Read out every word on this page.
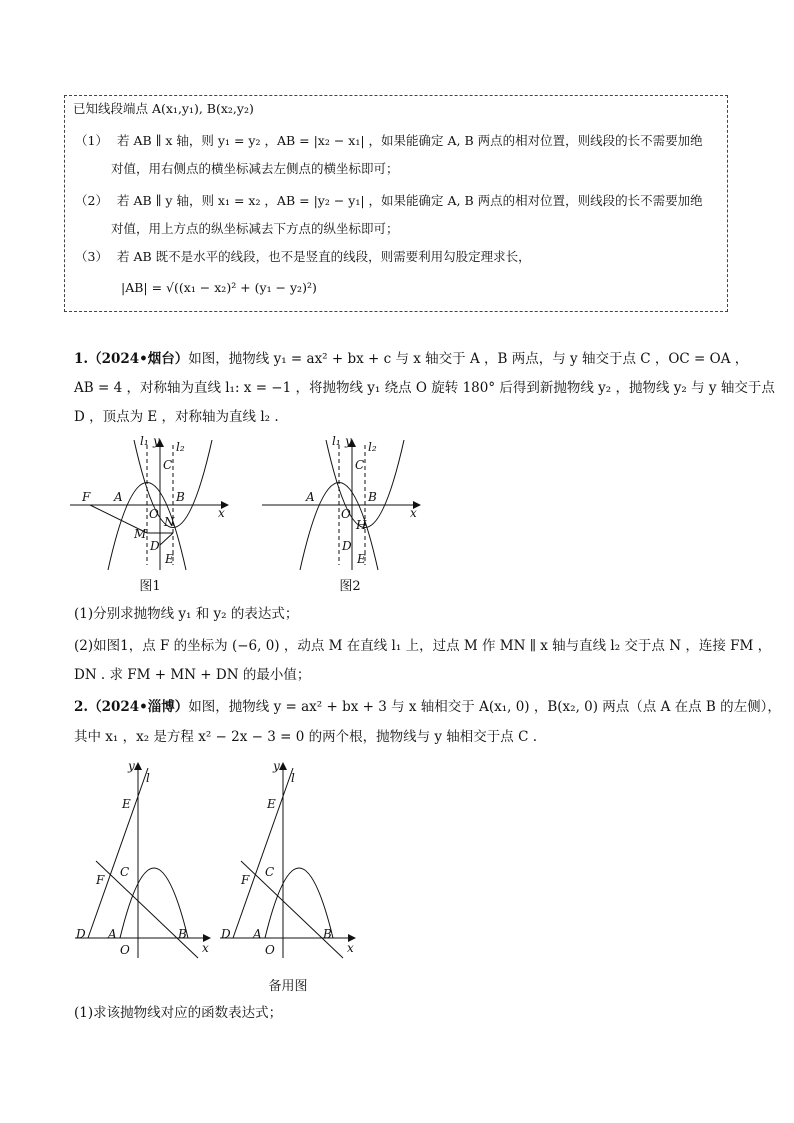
已知线段端点 A(x₁,y₁), B(x₂,y₂)
（1） 若 AB ∥ x 轴，则 y₁ = y₂ ，AB = |x₂ − x₁| ，如果能确定 A, B 两点的相对位置，则线段的长不需要加绝
对值，用右侧点的横坐标减去左侧点的横坐标即可；
（2） 若 AB ∥ y 轴，则 x₁ = x₂ ，AB = |y₂ − y₁| ，如果能确定 A, B 两点的相对位置，则线段的长不需要加绝
对值，用上方点的纵坐标减去下方点的纵坐标即可；
（3） 若 AB 既不是水平的线段，也不是竖直的线段，则需要利用勾股定理求长，
|AB| = √((x₁ − x₂)² + (y₁ − y₂)²)
1.（2024•烟台）如图，抛物线 y₁ = ax² + bx + c 与 x 轴交于 A ，B 两点，与 y 轴交于点 C ，OC = OA ，
AB = 4 ，对称轴为直线 l₁: x = −1 ，将抛物线 y₁ 绕点 O 旋转 180° 后得到新抛物线 y₂ ，抛物线 y₂ 与 y 轴交于点
D ，顶点为 E ，对称轴为直线 l₂ .
F A	B
C
O
N
M
D
E
l₁ y l₂
x
图1
A	B
C
O
H
D
E
l₁ y l₂
x
图2
(1)分别求抛物线 y₁ 和 y₂ 的表达式；
(2)如图1，点 F 的坐标为 (−6, 0) ，动点 M 在直线 l₁ 上，过点 M 作 MN ∥ x 轴与直线 l₂ 交于点 N ，连接 FM ，
DN . 求 FM + MN + DN 的最小值；
2.（2024•淄博）如图，抛物线 y = ax² + bx + 3 与 x 轴相交于 A(x₁, 0) ，B(x₂, 0) 两点（点 A 在点 B 的左侧），
其中 x₁ ，x₂ 是方程 x² − 2x − 3 = 0 的两个根，抛物线与 y 轴相交于点 C .
y
l
E
F
C
D A	B
O	x
y
l
E
F
C
D A	B
O	x
备用图
(1)求该抛物线对应的函数表达式；
